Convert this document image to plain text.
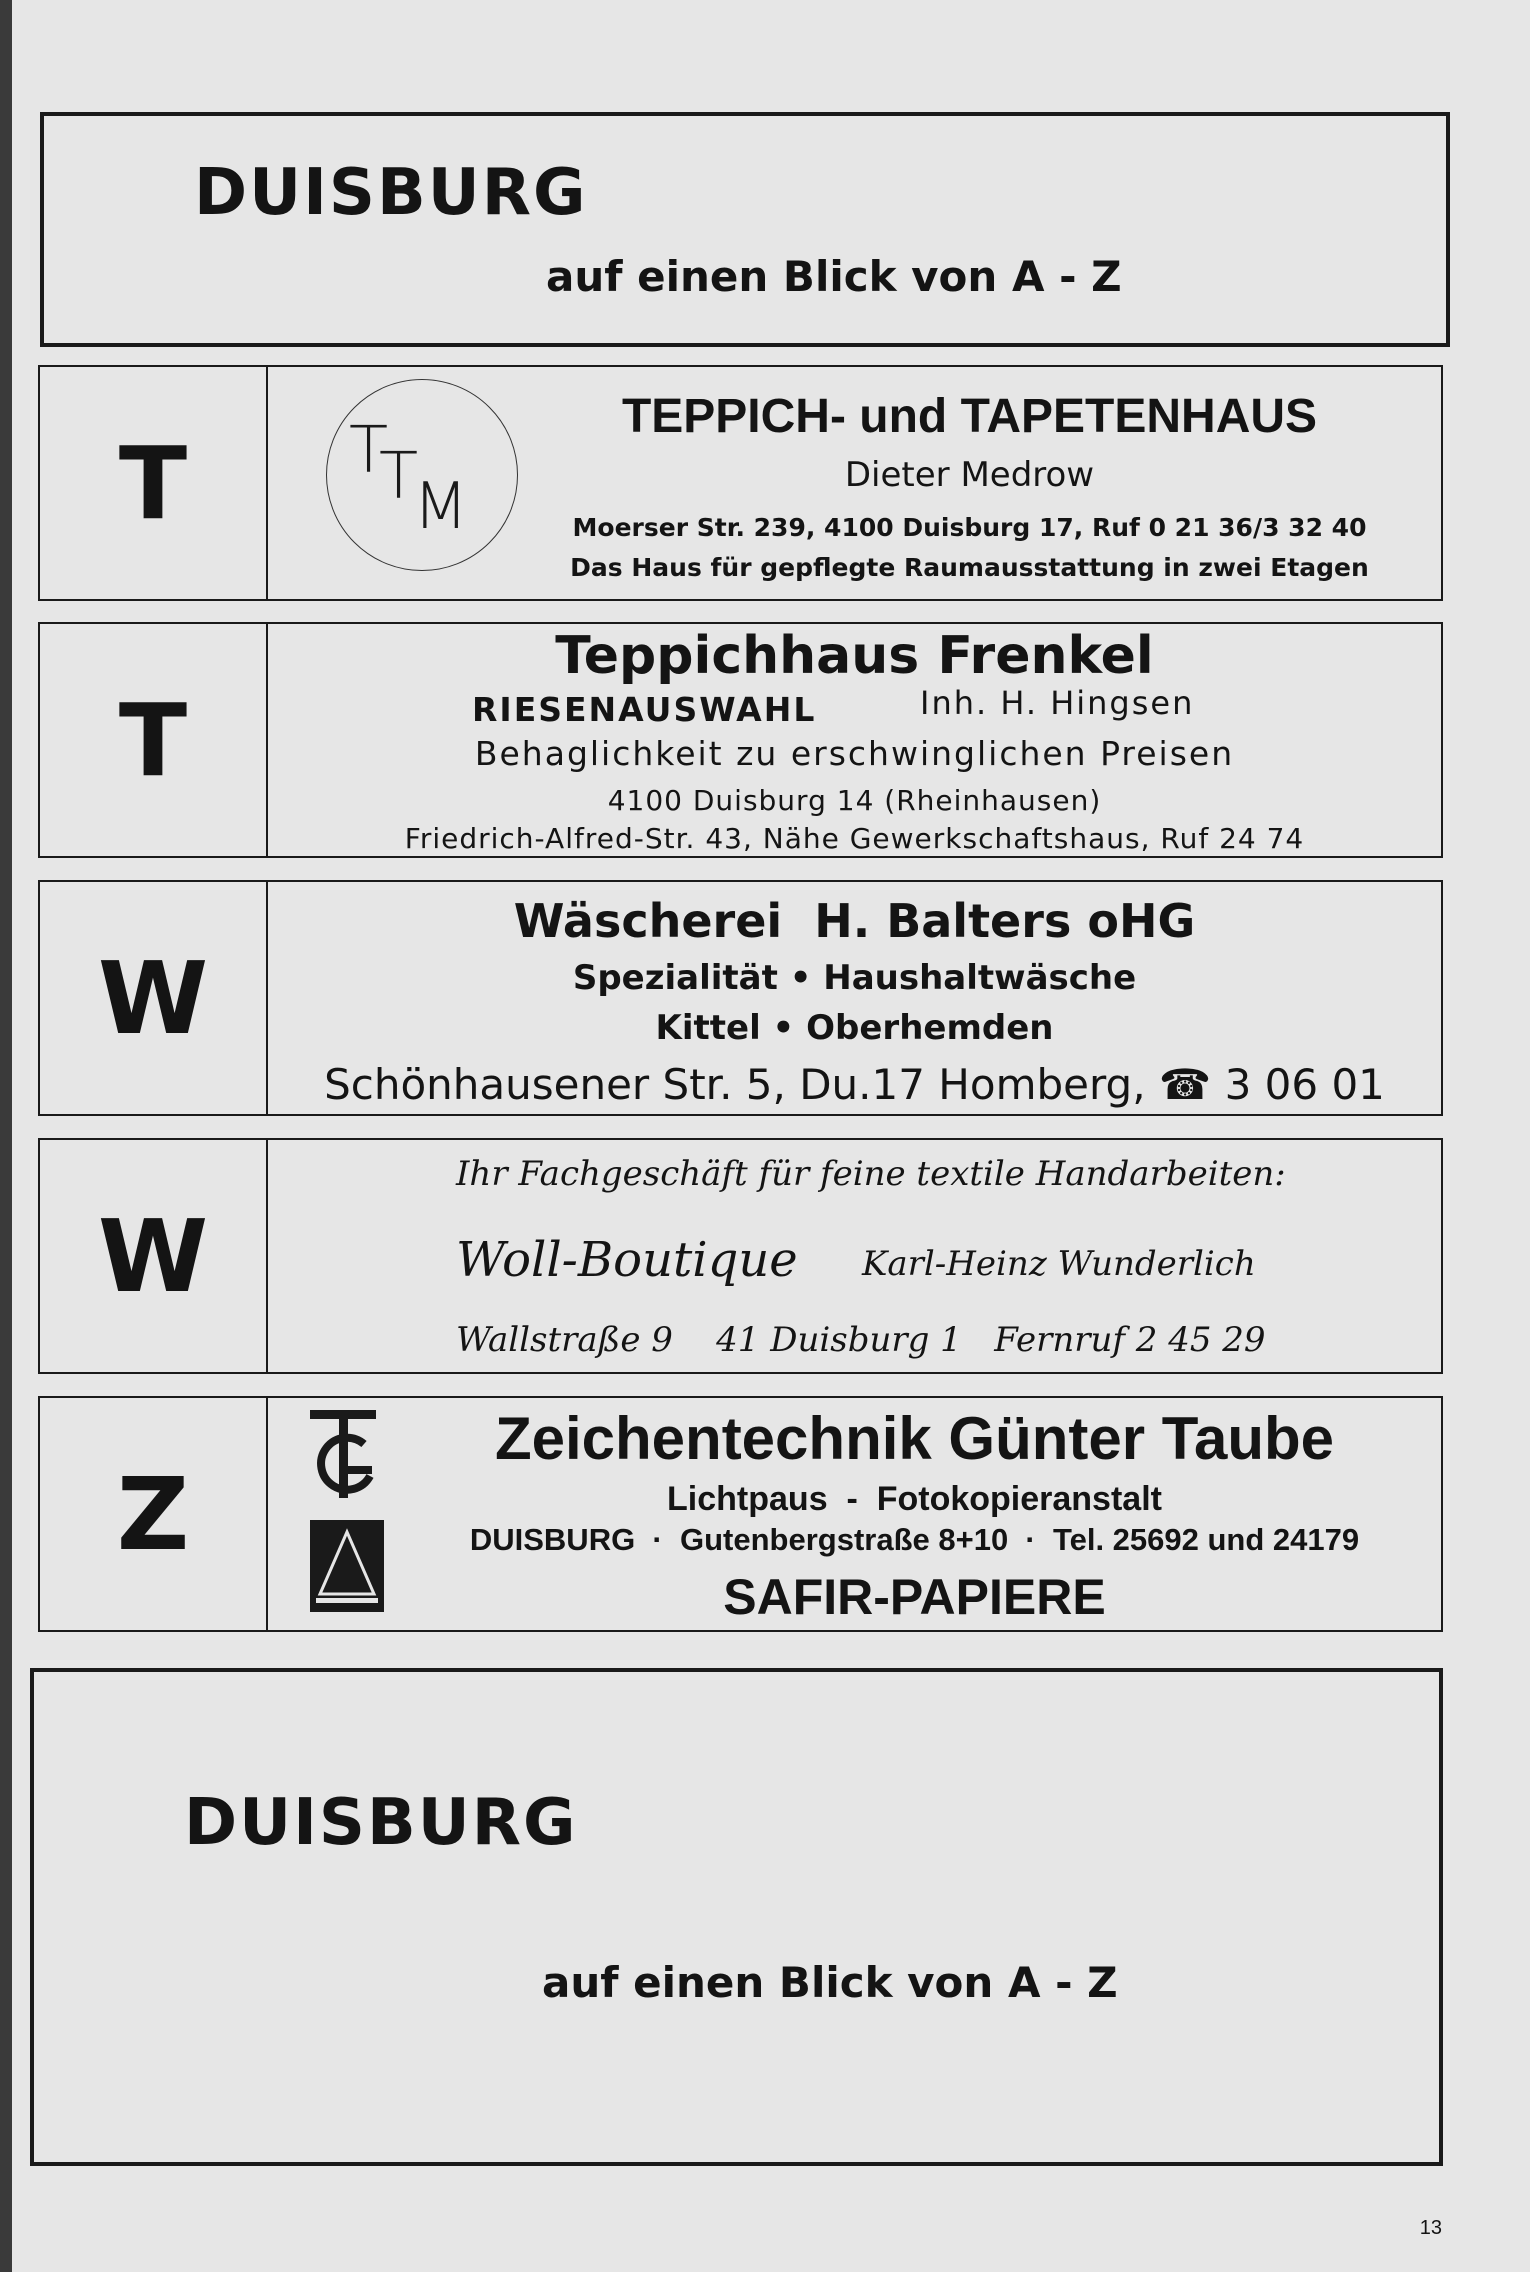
DUISBURG
auf einen Blick von A - Z
T	T
T
M
TEPPICH- und TAPETENHAUS
Dieter Medrow
Moerser Str. 239, 4100 Duisburg 17, Ruf 0 21 36/3 32 40
Das Haus für gepflegte Raumausstattung in zwei Etagen
T
Teppichhaus Frenkel
RIESENAUSWAHL	Inh. H. Hingsen
Behaglichkeit zu erschwinglichen Preisen
4100 Duisburg 14 (Rheinhausen)
Friedrich-Alfred-Str. 43, Nähe Gewerkschaftshaus, Ruf 24 74
W
Wäscherei  H. Balters oHG
Spezialität • Haushaltwäsche
Kittel • Oberhemden
Schönhausener Str. 5, Du.17 Homberg, ☎ 3 06 01
W
Ihr Fachgeschäft für feine textile Handarbeiten:
Woll-Boutique Karl-Heinz Wunderlich
Wallstraße 9    41 Duisburg 1   Fernruf 2 45 29
Z
Zeichentechnik Günter Taube
Lichtpaus  -  Fotokopieranstalt
DUISBURG  ·  Gutenbergstraße 8+10  ·  Tel. 25692 und 24179
SAFIR-PAPIERE
DUISBURG
auf einen Blick von A - Z
13
